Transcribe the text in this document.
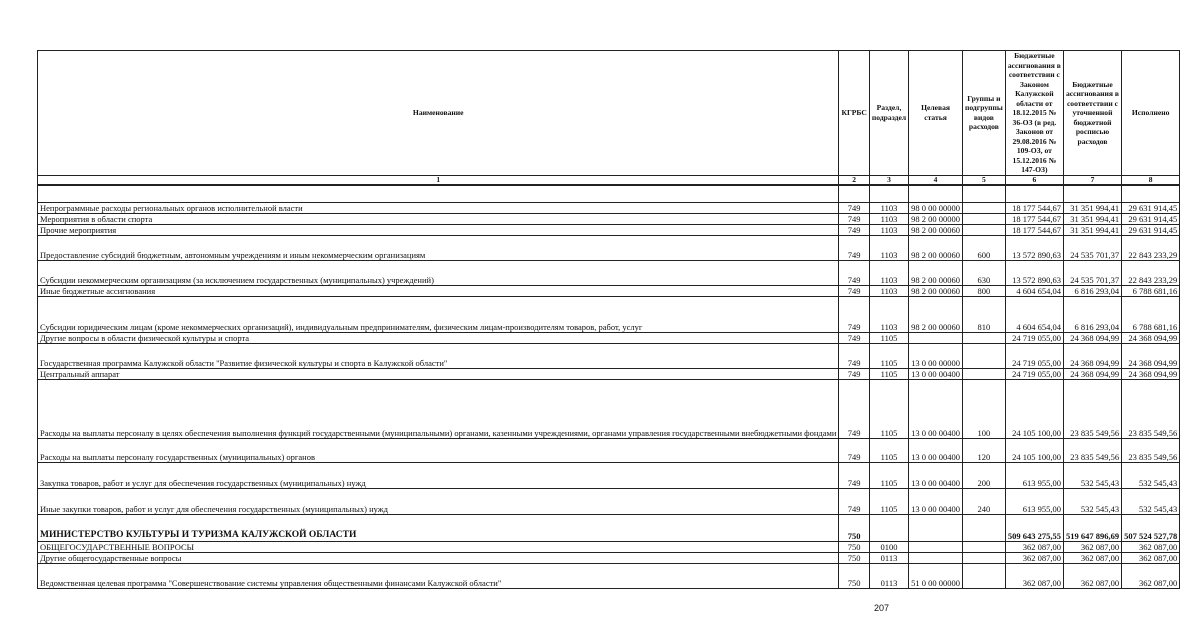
Наименование	КГРБС	Раздел, подраздел	Целевая статья	Группы и подгруппы видов расходов	Бюджетные ассигнования в соответствии с Законом Калужской области от 18.12.2015 № 36-ОЗ (в ред. Законов от 29.08.2016 № 109-ОЗ, от 15.12.2016 № 147-ОЗ)	Бюджетные ассигнования в соответствии с уточненной бюджетной росписью расходов	Исполнено
1	2	3	4	5	6	7	8

Непрограммные расходы региональных органов исполнительной власти	749	1103	98 0 00 00000		18 177 544,67	31 351 994,41	29 631 914,45
Мероприятия в области спорта	749	1103	98 2 00 00000		18 177 544,67	31 351 994,41	29 631 914,45
Прочие мероприятия	749	1103	98 2 00 00060		18 177 544,67	31 351 994,41	29 631 914,45
Предоставление субсидий бюджетным, автономным учреждениям и иным некоммерческим организациям	749	1103	98 2 00 00060	600	13 572 890,63	24 535 701,37	22 843 233,29
Субсидии некоммерческим организациям (за исключением государственных (муниципальных) учреждений)	749	1103	98 2 00 00060	630	13 572 890,63	24 535 701,37	22 843 233,29
Иные бюджетные ассигнования	749	1103	98 2 00 00060	800	4 604 654,04	6 816 293,04	6 788 681,16
Субсидии юридическим лицам (кроме некоммерческих организаций), индивидуальным предпринимателям, физическим лицам-производителям товаров, работ, услуг	749	1103	98 2 00 00060	810	4 604 654,04	6 816 293,04	6 788 681,16
Другие вопросы в области физической культуры и спорта	749	1105			24 719 055,00	24 368 094,99	24 368 094,99
Государственная программа Калужской области "Развитие физической культуры и спорта в Калужской области"	749	1105	13 0 00 00000		24 719 055,00	24 368 094,99	24 368 094,99
Центральный аппарат	749	1105	13 0 00 00400		24 719 055,00	24 368 094,99	24 368 094,99
Расходы на выплаты персоналу в целях обеспечения выполнения функций государственными (муниципальными) органами, казенными учреждениями, органами управления государственными внебюджетными фондами	749	1105	13 0 00 00400	100	24 105 100,00	23 835 549,56	23 835 549,56
Расходы на выплаты персоналу государственных (муниципальных) органов	749	1105	13 0 00 00400	120	24 105 100,00	23 835 549,56	23 835 549,56
Закупка товаров, работ и услуг для обеспечения государственных (муниципальных) нужд	749	1105	13 0 00 00400	200	613 955,00	532 545,43	532 545,43
Иные закупки товаров, работ и услуг для обеспечения государственных (муниципальных) нужд	749	1105	13 0 00 00400	240	613 955,00	532 545,43	532 545,43
МИНИСТЕРСТВО КУЛЬТУРЫ И ТУРИЗМА КАЛУЖСКОЙ ОБЛАСТИ	750				509 643 275,55	519 647 896,69	507 524 527,78
ОБЩЕГОСУДАРСТВЕННЫЕ ВОПРОСЫ	750	0100			362 087,00	362 087,00	362 087,00
Другие общегосударственные вопросы	750	0113			362 087,00	362 087,00	362 087,00
Ведомственная целевая программа "Совершенствование системы управления общественными финансами Калужской области"	750	0113	51 0 00 00000		362 087,00	362 087,00	362 087,00
207
